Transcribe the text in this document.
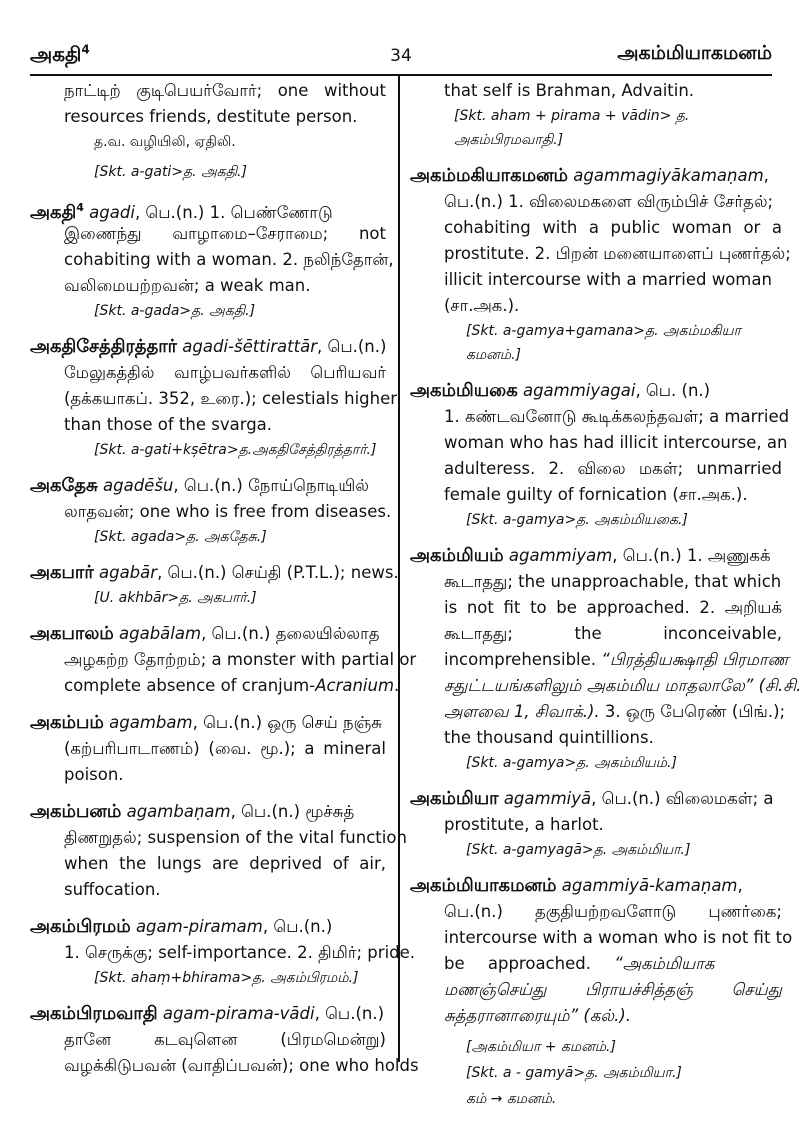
அகதி$^4$	34	அகம்மியாகமனம்
நாட்டிற் குடிபெயர்வோர்; one without
resources friends, destitute person.
த.வ. வழியிலி, ஏதிலி.
[Skt. a-gati>த. அகதி.]
அகதி$^4$ agadi, பெ.(n.) 1. பெண்ணோடு
இணைந்து வாழாமை–சேராமை; not
cohabiting with a woman. 2. நலிந்தோன்,
வலிமையற்றவன்; a weak man.
[Skt. a-gada>த. அகதி.]
அகதிசேத்திரத்தார் agadi-šēttirattār, பெ.(n.)
மேலுகத்தில் வாழ்பவர்களில் பெரியவர்
(தக்கயாகப். 352, உரை.); celestials higher
than those of the svarga.
[Skt. a-gati+kșētra>த.அகதிசேத்திரத்தார்.]
அகதேசு agadēšu, பெ.(n.) நோய்நொடியில்
லாதவன்; one who is free from diseases.
[Skt. agada>த. அகதேசு.]
அகபார் agabār, பெ.(n.) செய்தி (P.T.L.); news.
[U. akhbār>த. அகபார்.]
அகபாலம் agabālam, பெ.(n.) தலையில்லாத
அழகற்ற தோற்றம்; a monster with partial or
complete absence of cranjum-Acranium.
அகம்பம் agambam, பெ.(n.) ஒரு செய் நஞ்சு
(கற்பரிபாடாணம்) (வை. மூ.); a mineral
poison.
அகம்பனம் agambaṇam, பெ.(n.) மூச்சுத்
திணறுதல்; suspension of the vital function
when the lungs are deprived of air,
suffocation.
அகம்பிரமம் agam-piramam, பெ.(n.)
1. செருக்கு; self-importance. 2. திமிர்; pride.
[Skt. ahaṃ+bhirama>த. அகம்பிரமம்.]
அகம்பிரமவாதி agam-pirama-vādi, பெ.(n.)
தானே கடவுளென (பிரமமென்று)
வழக்கிடுபவன் (வாதிப்பவன்); one who holds
that self is Brahman, Advaitin.
[Skt. aham + pirama + vādin> த. அகம்பிரமவாதி.]
அகம்மகியாகமனம் agammagiyākamaṇam,
பெ.(n.) 1. விலைமகளை விரும்பிச் சேர்தல்;
cohabiting with a public woman or a
prostitute. 2. பிறன் மனையாளைப் புணர்தல்;
illicit intercourse with a married woman
(சா.அக.).
[Skt. a-gamya+gamana>த. அகம்மகியா கமனம்.]
அகம்மியகை agammiyagai, பெ. (n.)
1. கண்டவனோடு கூடிக்கலந்தவள்; a married
woman who has had illicit intercourse, an
adulteress. 2. விலை மகள்; unmarried
female guilty of fornication (சா.அக.).
[Skt. a-gamya>த. அகம்மியகை.]
அகம்மியம் agammiyam, பெ.(n.) 1. அணுகக்
கூடாதது; the unapproachable, that which
is not fit to be approached. 2. அறியக்
கூடாதது; the inconceivable,
incomprehensible. “பிரத்தியக்ஷாதி பிரமாண
சதுட்டயங்களிலும் அகம்மிய மாதலாலே” (சி.சி.
அளவை 1, சிவாக்.). 3. ஒரு பேரெண் (பிங்.);
the thousand quintillions.
[Skt. a-gamya>த. அகம்மியம்.]
அகம்மியா agammiyā, பெ.(n.) விலைமகள்; a
prostitute, a harlot.
[Skt. a-gamyagā>த. அகம்மியா.]
அகம்மியாகமனம் agammiyā-kamaṇam,
பெ.(n.) தகுதியற்றவளோடு புணர்கை;
intercourse with a woman who is not fit to
be approached. “அகம்மியாக
மணஞ்செய்து பிராயச்சித்தஞ் செய்து
சுத்தரானாரையும்” (கல்.).
[அகம்மியா + கமனம்.]
[Skt. a - gamyā>த. அகம்மியா.]
கம் → கமனம்.
